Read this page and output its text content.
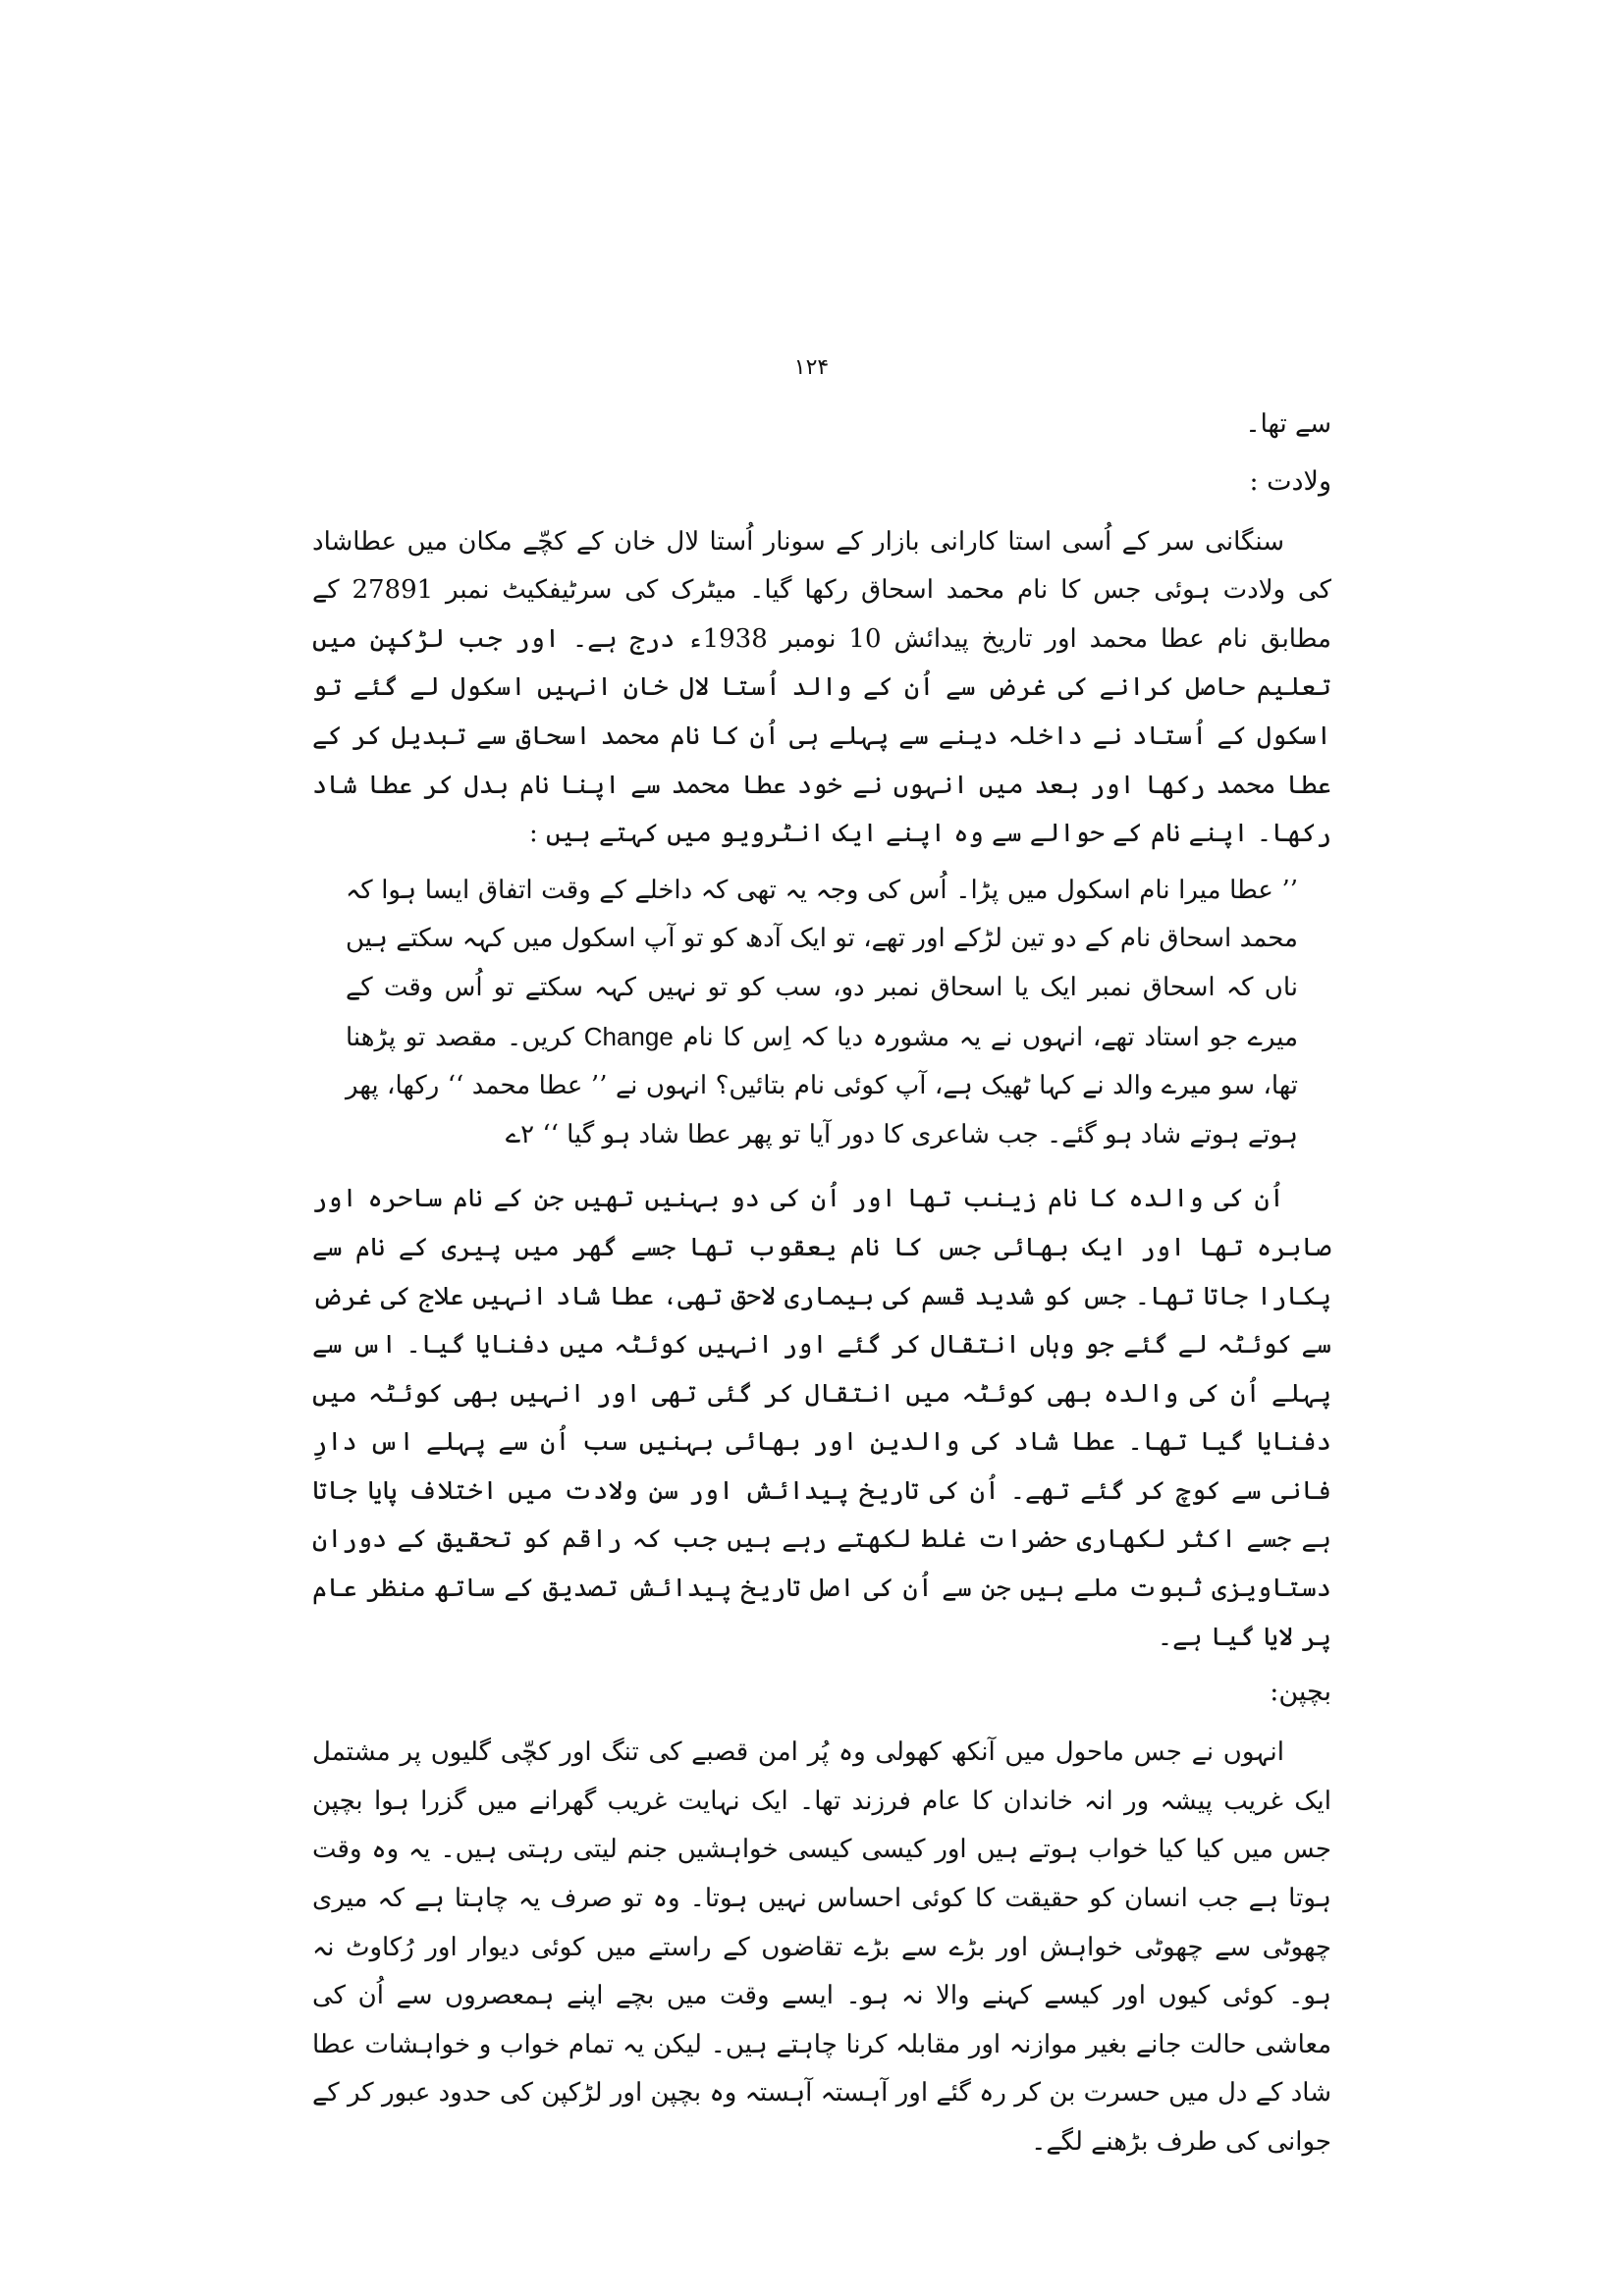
۱۲۴

سے تھا۔

ولادت :

سنگانی سر کے اُسی استا کارانی بازار کے سونار اُستا لال خان کے کچّے مکان میں عطاشاد کی ولادت ہوئی جس کا نام محمد اسحاق رکھا گیا۔ میٹرک کی سرٹیفکیٹ نمبر 27891 کے مطابق نام عطا محمد اور تاریخ پیدائش 10 نومبر 1938ء درج ہے۔ اور جب لڑکپن میں تعلیم حاصل کرانے کی غرض سے اُن کے والد اُستا لال خان انہیں اسکول لے گئے تو اسکول کے اُستاد نے داخلہ دینے سے پہلے ہی اُن کا نام محمد اسحاق سے تبدیل کر کے عطا محمد رکھا اور بعد میں انہوں نے خود عطا محمد سے اپنا نام بدل کر عطا شاد رکھا۔ اپنے نام کے حوالے سے وہ اپنے ایک انٹرویو میں کہتے ہیں :

’’ عطا میرا نام اسکول میں پڑا۔ اُس کی وجہ یہ تھی کہ داخلے کے وقت اتفاق ایسا ہوا کہ محمد اسحاق نام کے دو تین لڑکے اور تھے، تو ایک آدھ کو تو آپ اسکول میں کہہ سکتے ہیں ناں کہ اسحاق نمبر ایک یا اسحاق نمبر دو، سب کو تو نہیں کہہ سکتے تو اُس وقت کے میرے جو استاد تھے، انہوں نے یہ مشورہ دیا کہ اِس کا نام Change کریں۔ مقصد تو پڑھنا تھا، سو میرے والد نے کہا ٹھیک ہے، آپ کوئی نام بتائیں؟ انہوں نے ’’ عطا محمد ‘‘ رکھا، پھر ہوتے ہوتے شاد ہو گئے۔ جب شاعری کا دور آیا تو پھر عطا شاد ہو گیا ‘‘ ۲ے

اُن کی والدہ کا نام زینب تھا اور اُن کی دو بہنیں تھیں جن کے نام ساحرہ اور صابرہ تھا اور ایک بھائی جس کا نام یعقوب تھا جسے گھر میں پیری کے نام سے پکارا جاتا تھا۔ جس کو شدید قسم کی بیماری لاحق تھی، عطا شاد انہیں علاج کی غرض سے کوئٹہ لے گئے جو وہاں انتقال کر گئے اور انہیں کوئٹہ میں دفنایا گیا۔ اس سے پہلے اُن کی والدہ بھی کوئٹہ میں انتقال کر گئی تھی اور انہیں بھی کوئٹہ میں دفنایا گیا تھا۔ عطا شاد کی والدین اور بھائی بہنیں سب اُن سے پہلے اس دارِ فانی سے کوچ کر گئے تھے۔ اُن کی تاریخ پیدائش اور سنِ ولادت میں اختلاف پایا جاتا ہے جسے اکثر لکھاری حضرات غلط لکھتے رہے ہیں جب کہ راقم کو تحقیق کے دوران دستاویزی ثبوت ملے ہیں جن سے اُن کی اصل تاریخ پیدائش تصدیق کے ساتھ منظر عام پر لایا گیا ہے۔

بچپن:

انہوں نے جس ماحول میں آنکھ کھولی وہ پُر امن قصبے کی تنگ اور کچّی گلیوں پر مشتمل ایک غریب پیشہ ور انہ خاندان کا عام فرزند تھا۔ ایک نہایت غریب گھرانے میں گزرا ہوا بچپن جس میں کیا کیا خواب ہوتے ہیں اور کیسی کیسی خواہشیں جنم لیتی رہتی ہیں۔ یہ وہ وقت ہوتا ہے جب انسان کو حقیقت کا کوئی احساس نہیں ہوتا۔ وہ تو صرف یہ چاہتا ہے کہ میری چھوٹی سے چھوٹی خواہش اور بڑے سے بڑے تقاضوں کے راستے میں کوئی دیوار اور رُکاوٹ نہ ہو۔ کوئی کیوں اور کیسے کہنے والا نہ ہو۔ ایسے وقت میں بچے اپنے ہمعصروں سے اُن کی معاشی حالت جانے بغیر موازنہ اور مقابلہ کرنا چاہتے ہیں۔ لیکن یہ تمام خواب و خواہشات عطا شاد کے دل میں حسرت بن کر رہ گئے اور آہستہ آہستہ وہ بچپن اور لڑکپن کی حدود عبور کر کے جوانی کی طرف بڑھنے لگے۔
